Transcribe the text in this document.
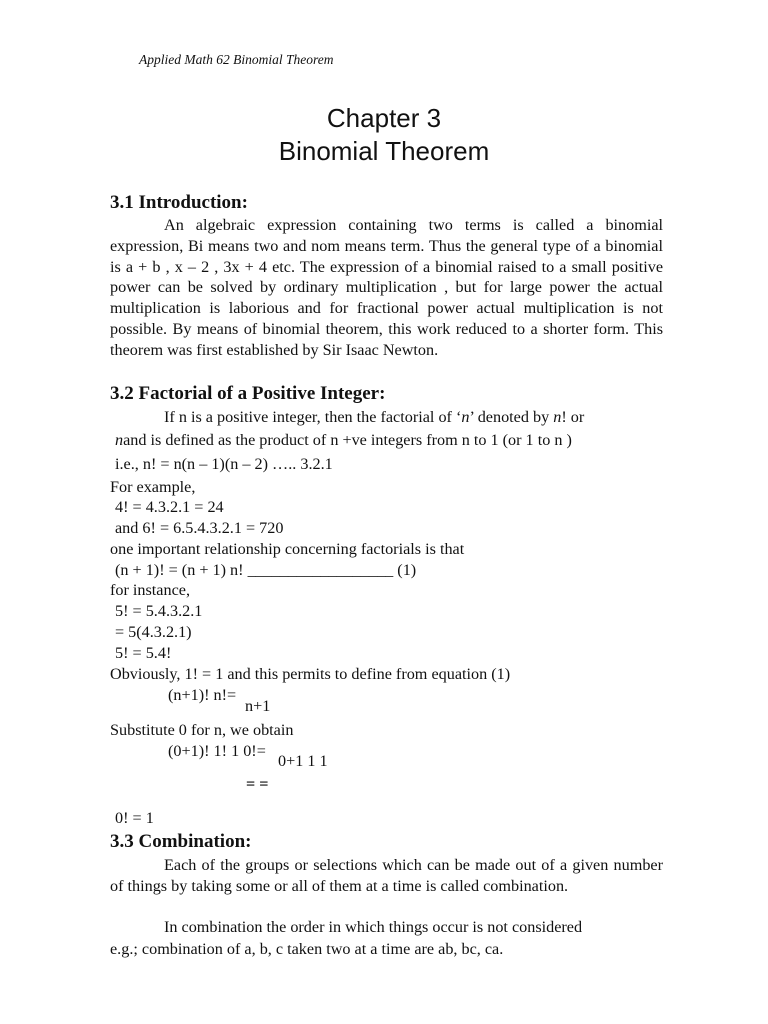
Applied Math 62 Binomial Theorem
Chapter 3
Binomial Theorem
3.1 Introduction:
An algebraic expression containing two terms is called a binomial expression, Bi means two and nom means term. Thus the general type of a binomial is a + b , x – 2 , 3x + 4 etc. The expression of a binomial raised to a small positive power can be solved by ordinary multiplication , but for large power the actual multiplication is laborious and for fractional power actual multiplication is not possible. By means of binomial theorem, this work reduced to a shorter form. This theorem was first established by Sir Isaac Newton.
3.2 Factorial of a Positive Integer:
If n is a positive integer, then the factorial of ‘n’ denoted by n! or
nand is defined as the product of n +ve integers from n to 1 (or 1 to n )
i.e., n! = n(n – 1)(n – 2) ….. 3.2.1
For example,
4! = 4.3.2.1 = 24
and 6! = 6.5.4.3.2.1 = 720
one important relationship concerning factorials is that
(n + 1)! = (n + 1) n! __________________ (1)
for instance,
5! = 5.4.3.2.1
= 5(4.3.2.1)
5! = 5.4!
Obviously, 1! = 1 and this permits to define from equation (1)
(n+1)! n!=
n+1
Substitute 0 for n, we obtain
(0+1)! 1! 1 0!=
0+1 1 1
= =
0! = 1
3.3 Combination:
Each of the groups or selections which can be made out of a given number of things by taking some or all of them at a time is called combination.
In combination the order in which things occur is not considered
e.g.; combination of a, b, c taken two at a time are ab, bc, ca.
